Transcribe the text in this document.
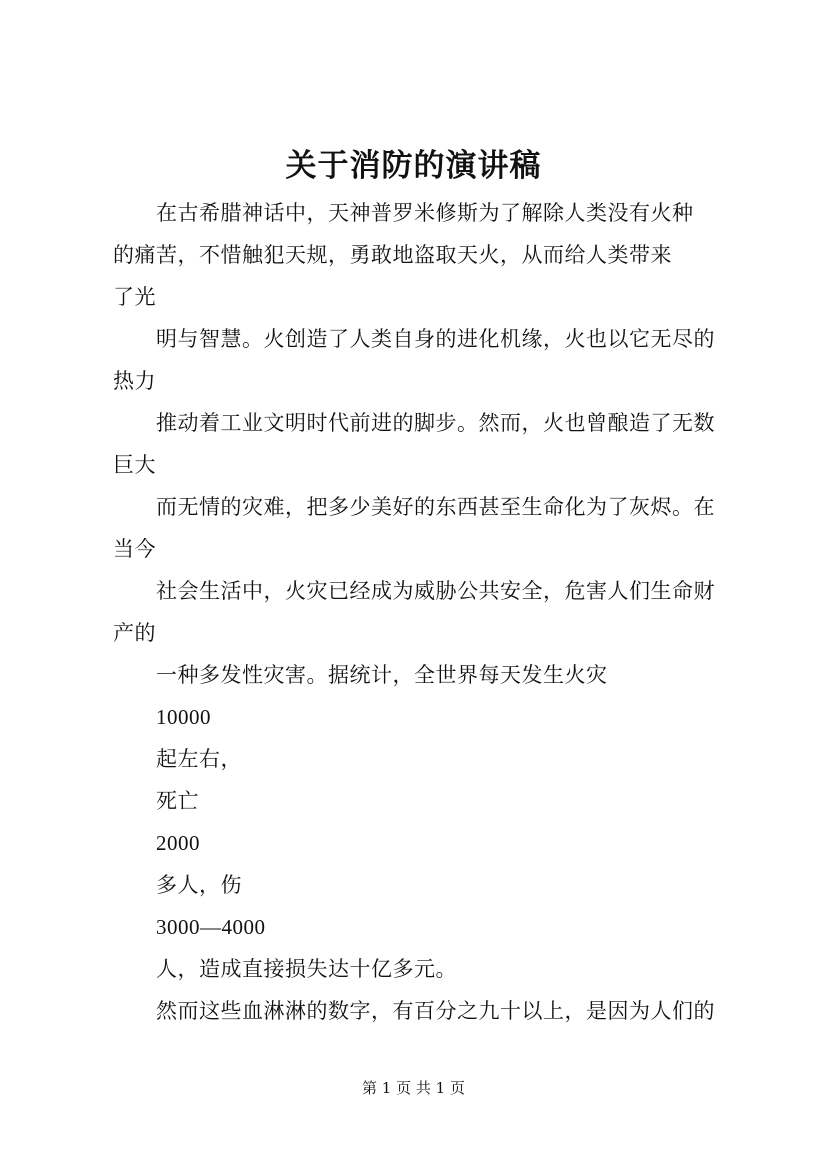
关于消防的演讲稿
在古希腊神话中，天神普罗米修斯为了解除人类没有火种
的痛苦，不惜触犯天规，勇敢地盗取天火，从而给人类带来
了光
明与智慧。火创造了人类自身的进化机缘，火也以它无尽的
热力
推动着工业文明时代前进的脚步。然而，火也曾酿造了无数
巨大
而无情的灾难，把多少美好的东西甚至生命化为了灰烬。在
当今
社会生活中，火灾已经成为威胁公共安全，危害人们生命财
产的
一种多发性灾害。据统计，全世界每天发生火灾
10000
起左右，
死亡
2000
多人，伤
3000—4000
人，造成直接损失达十亿多元。
然而这些血淋淋的数字，有百分之九十以上，是因为人们的
第 1 页 共 1 页
